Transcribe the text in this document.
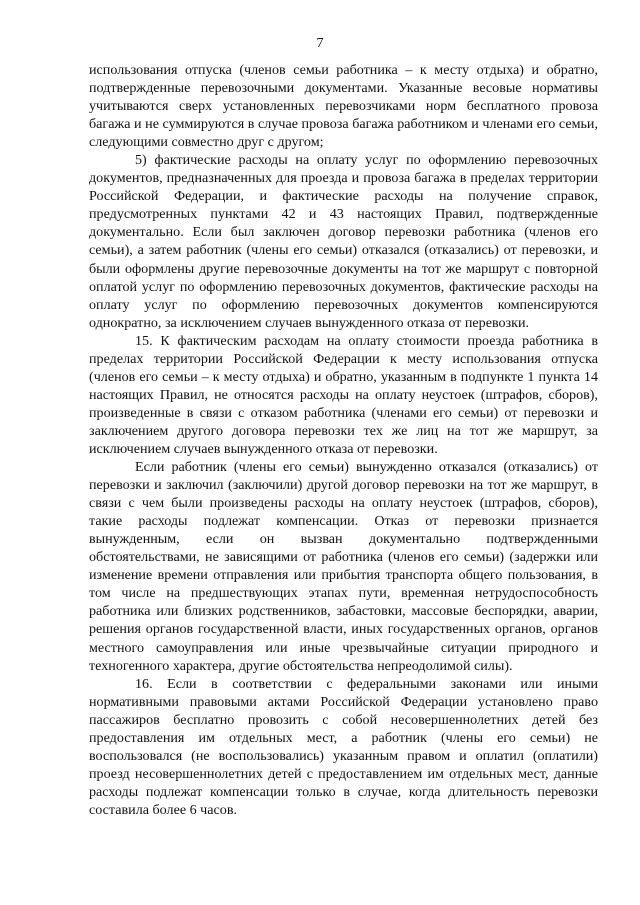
7

использования отпуска (членов семьи работника – к месту отдыха) и обратно, подтвержденные перевозочными документами. Указанные весовые нормативы учитываются сверх установленных перевозчиками норм бесплатного провоза багажа и не суммируются в случае провоза багажа работником и членами его семьи, следующими совместно друг с другом;

5) фактические расходы на оплату услуг по оформлению перевозочных документов, предназначенных для проезда и провоза багажа в пределах территории Российской Федерации, и фактические расходы на получение справок, предусмотренных пунктами 42 и 43 настоящих Правил, подтвержденные документально. Если был заключен договор перевозки работника (членов его семьи), а затем работник (члены его семьи) отказался (отказались) от перевозки, и были оформлены другие перевозочные документы на тот же маршрут с повторной оплатой услуг по оформлению перевозочных документов, фактические расходы на оплату услуг по оформлению перевозочных документов компенсируются однократно, за исключением случаев вынужденного отказа от перевозки.

15. К фактическим расходам на оплату стоимости проезда работника в пределах территории Российской Федерации к месту использования отпуска (членов его семьи – к месту отдыха) и обратно, указанным в подпункте 1 пункта 14 настоящих Правил, не относятся расходы на оплату неустоек (штрафов, сборов), произведенные в связи с отказом работника (членами его семьи) от перевозки и заключением другого договора перевозки тех же лиц на тот же маршрут, за исключением случаев вынужденного отказа от перевозки.

Если работник (члены его семьи) вынужденно отказался (отказались) от перевозки и заключил (заключили) другой договор перевозки на тот же маршрут, в связи с чем были произведены расходы на оплату неустоек (штрафов, сборов), такие расходы подлежат компенсации. Отказ от перевозки признается вынужденным, если он вызван документально подтвержденными обстоятельствами, не зависящими от работника (членов его семьи) (задержки или изменение времени отправления или прибытия транспорта общего пользования, в том числе на предшествующих этапах пути, временная нетрудоспособность работника или близких родственников, забастовки, массовые беспорядки, аварии, решения органов государственной власти, иных государственных органов, органов местного самоуправления или иные чрезвычайные ситуации природного и техногенного характера, другие обстоятельства непреодолимой силы).

16. Если в соответствии с федеральными законами или иными нормативными правовыми актами Российской Федерации установлено право пассажиров бесплатно провозить с собой несовершеннолетних детей без предоставления им отдельных мест, а работник (члены его семьи) не воспользовался (не воспользовались) указанным правом и оплатил (оплатили) проезд несовершеннолетних детей с предоставлением им отдельных мест, данные расходы подлежат компенсации только в случае, когда длительность перевозки составила более 6 часов.
